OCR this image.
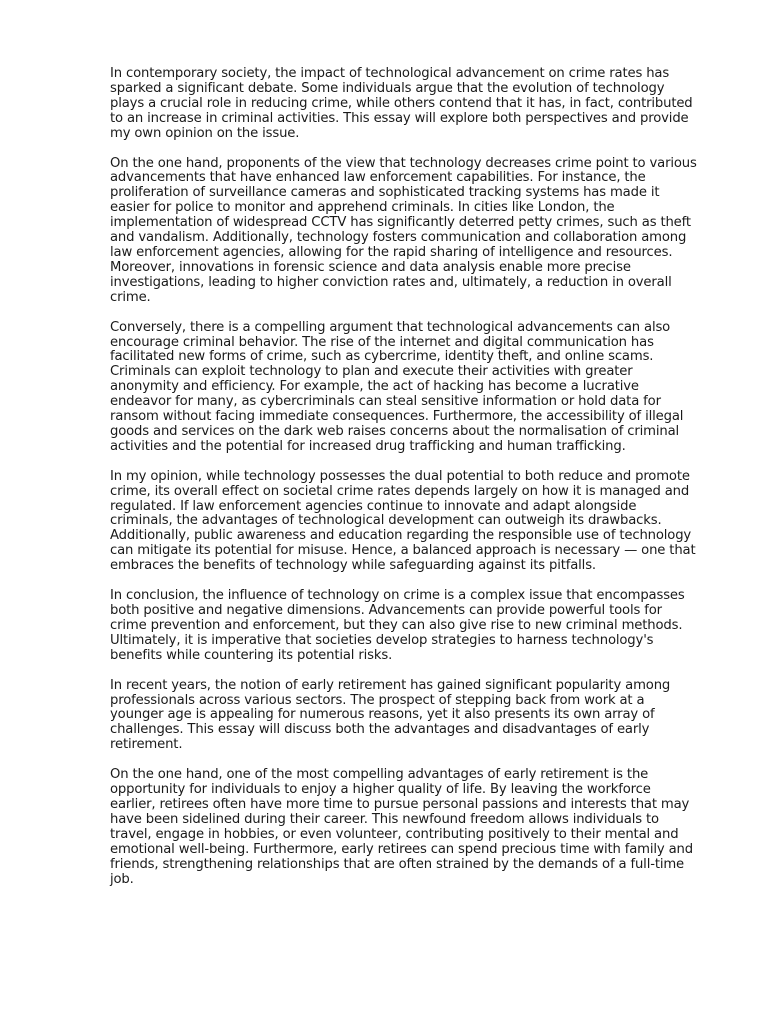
In contemporary society, the impact of technological advancement on crime rates has sparked a significant debate. Some individuals argue that the evolution of technology plays a crucial role in reducing crime, while others contend that it has, in fact, contributed to an increase in criminal activities. This essay will explore both perspectives and provide my own opinion on the issue.

On the one hand, proponents of the view that technology decreases crime point to various advancements that have enhanced law enforcement capabilities. For instance, the proliferation of surveillance cameras and sophisticated tracking systems has made it easier for police to monitor and apprehend criminals. In cities like London, the implementation of widespread CCTV has significantly deterred petty crimes, such as theft and vandalism. Additionally, technology fosters communication and collaboration among law enforcement agencies, allowing for the rapid sharing of intelligence and resources. Moreover, innovations in forensic science and data analysis enable more precise investigations, leading to higher conviction rates and, ultimately, a reduction in overall crime.

Conversely, there is a compelling argument that technological advancements can also encourage criminal behavior. The rise of the internet and digital communication has facilitated new forms of crime, such as cybercrime, identity theft, and online scams. Criminals can exploit technology to plan and execute their activities with greater anonymity and efficiency. For example, the act of hacking has become a lucrative endeavor for many, as cybercriminals can steal sensitive information or hold data for ransom without facing immediate consequences. Furthermore, the accessibility of illegal goods and services on the dark web raises concerns about the normalisation of criminal activities and the potential for increased drug trafficking and human trafficking.

In my opinion, while technology possesses the dual potential to both reduce and promote crime, its overall effect on societal crime rates depends largely on how it is managed and regulated. If law enforcement agencies continue to innovate and adapt alongside criminals, the advantages of technological development can outweigh its drawbacks. Additionally, public awareness and education regarding the responsible use of technology can mitigate its potential for misuse. Hence, a balanced approach is necessary — one that embraces the benefits of technology while safeguarding against its pitfalls.

In conclusion, the influence of technology on crime is a complex issue that encompasses both positive and negative dimensions. Advancements can provide powerful tools for crime prevention and enforcement, but they can also give rise to new criminal methods. Ultimately, it is imperative that societies develop strategies to harness technology's benefits while countering its potential risks.

In recent years, the notion of early retirement has gained significant popularity among professionals across various sectors. The prospect of stepping back from work at a younger age is appealing for numerous reasons, yet it also presents its own array of challenges. This essay will discuss both the advantages and disadvantages of early retirement.

On the one hand, one of the most compelling advantages of early retirement is the opportunity for individuals to enjoy a higher quality of life. By leaving the workforce earlier, retirees often have more time to pursue personal passions and interests that may have been sidelined during their career. This newfound freedom allows individuals to travel, engage in hobbies, or even volunteer, contributing positively to their mental and emotional well-being. Furthermore, early retirees can spend precious time with family and friends, strengthening relationships that are often strained by the demands of a full-time job.
